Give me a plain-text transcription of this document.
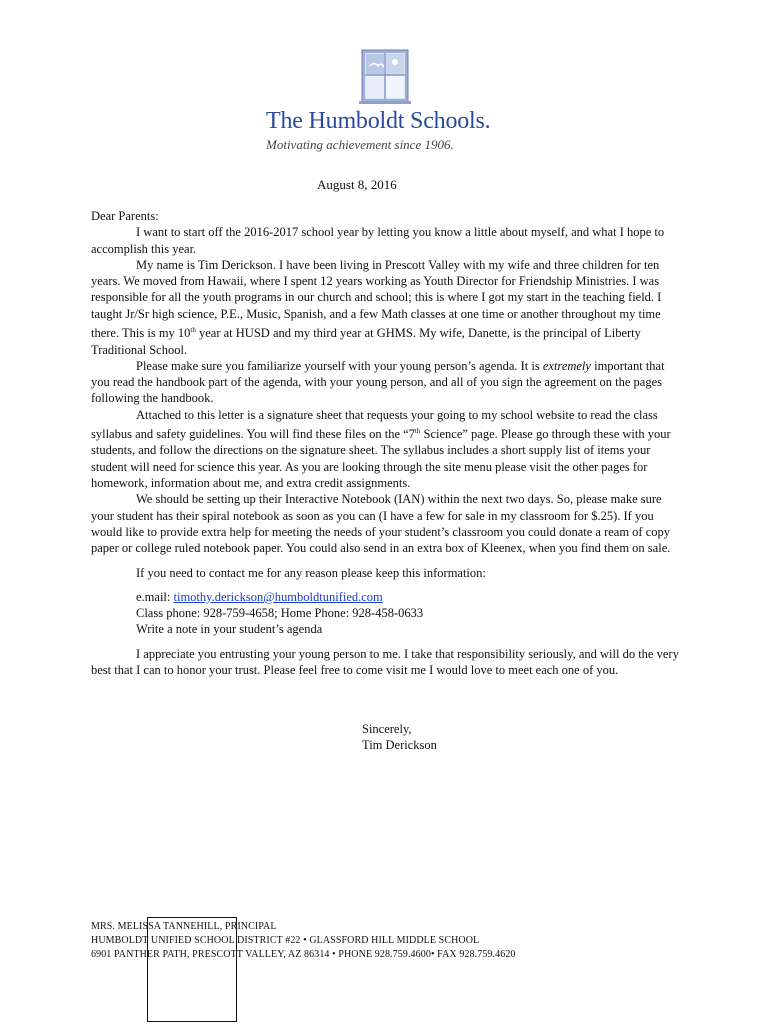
The Humboldt Schools.
Motivating achievement since 1906.
August 8, 2016

Dear Parents:

I want to start off the 2016-2017 school year by letting you know a little about myself, and what I hope to accomplish this year.

My name is Tim Derickson. I have been living in Prescott Valley with my wife and three children for ten years. We moved from Hawaii, where I spent 12 years working as Youth Director for Friendship Ministries. I was responsible for all the youth programs in our church and school; this is where I got my start in the teaching field. I taught Jr/Sr high science, P.E., Music, Spanish, and a few Math classes at one time or another throughout my time there. This is my 10th year at HUSD and my third year at GHMS. My wife, Danette, is the principal of Liberty Traditional School.

Please make sure you familiarize yourself with your young person’s agenda. It is extremely important that you read the handbook part of the agenda, with your young person, and all of you sign the agreement on the pages following the handbook.

Attached to this letter is a signature sheet that requests your going to my school website to read the class syllabus and safety guidelines. You will find these files on the “7th Science” page. Please go through these with your students, and follow the directions on the signature sheet. The syllabus includes a short supply list of items your student will need for science this year. As you are looking through the site menu please visit the other pages for homework, information about me, and extra credit assignments.

We should be setting up their Interactive Notebook (IAN) within the next two days. So, please make sure your student has their spiral notebook as soon as you can (I have a few for sale in my classroom for $.25). If you would like to provide extra help for meeting the needs of your student’s classroom you could donate a ream of copy paper or college ruled notebook paper. You could also send in an extra box of Kleenex, when you find them on sale.

If you need to contact me for any reason please keep this information:

e.mail: timothy.derickson@humboldtunified.com
Class phone: 928-759-4658; Home Phone: 928-458-0633
Write a note in your student’s agenda

I appreciate you entrusting your young person to me. I take that responsibility seriously, and will do the very best that I can to honor your trust. Please feel free to come visit me I would love to meet each one of you.

Sincerely,
Tim Derickson
MRS. MELISSA TANNEHILL, PRINCIPAL
HUMBOLDT UNIFIED SCHOOL DISTRICT #22 • GLASSFORD HILL MIDDLE SCHOOL
6901 PANTHER PATH, PRESCOTT VALLEY, AZ 86314 • PHONE 928.759.4600• FAX 928.759.4620
